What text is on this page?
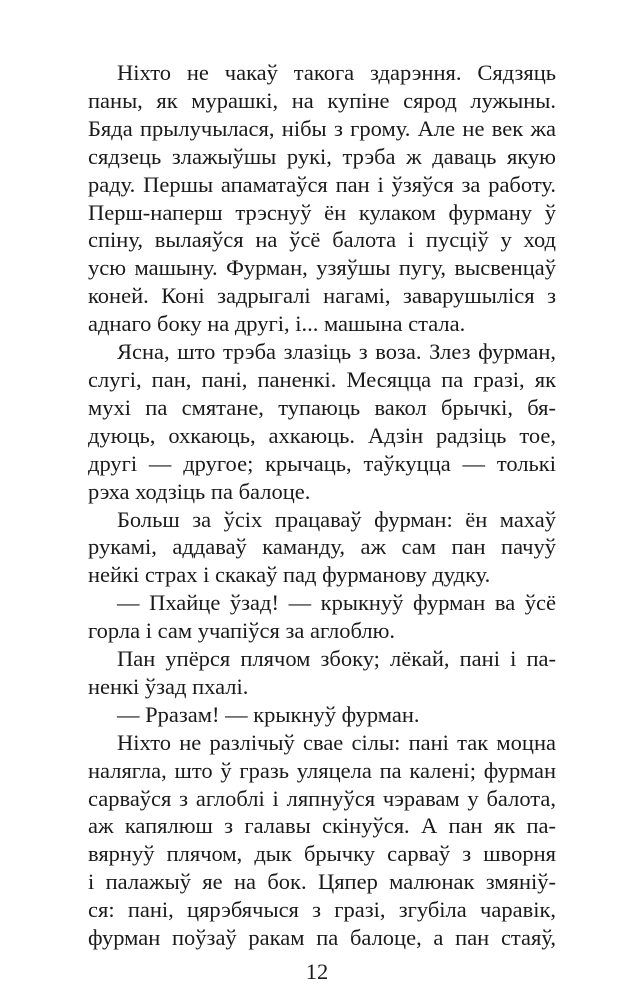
Ніхто не чакаў такога здарэння. Сядзяць
паны, як мурашкі, на купіне сярод лужыны.
Бяда прылучылася, нібы з грому. Але не век жа
сядзець злажыўшы рукі, трэба ж даваць якую
раду. Першы апаматаўся пан і ўзяўся за работу.
Перш-наперш трэснуў ён кулаком фурману ў
спіну, вылаяўся на ўсё балота і пусціў у ход
усю машыну. Фурман, узяўшы пугу, высвенцаў
коней. Коні задрыгалі нагамі, заварушыліся з
аднаго боку на другі, і... машына стала.
Ясна, што трэба злазіць з воза. Злез фурман,
слугі, пан, пані, паненкі. Месяцца па гразі, як
мухі па смятане, тупаюць вакол брычкі, бя-
дуюць, охкаюць, ахкаюць. Адзін радзіць тое,
другі — другое; крычаць, таўкуцца — толькі
рэха ходзіць па балоце.
Больш за ўсіх працаваў фурман: ён махаў
рукамі, аддаваў каманду, аж сам пан пачуў
нейкі страх і скакаў пад фурманову дудку.
— Пхайце ўзад! — крыкнуў фурман ва ўсё
горла і сам учапіўся за аглоблю.
Пан упёрся плячом збоку; лёкай, пані і па-
ненкі ўзад пхалі.
— Рразам! — крыкнуў фурман.
Ніхто не разлічыў свае сілы: пані так моцна
налягла, што ў гразь уляцела па калені; фурман
сарваўся з аглоблі і ляпнуўся чэравам у балота,
аж капялюш з галавы скінуўся. А пан як па-
вярнуў плячом, дык брычку сарваў з шворня
і палажыў яе на бок. Цяпер малюнак змяніў-
ся: пані, цярэбячыся з гразі, згубіла чаравік,
фурман поўзаў ракам па балоце, а пан стаяў,
12
